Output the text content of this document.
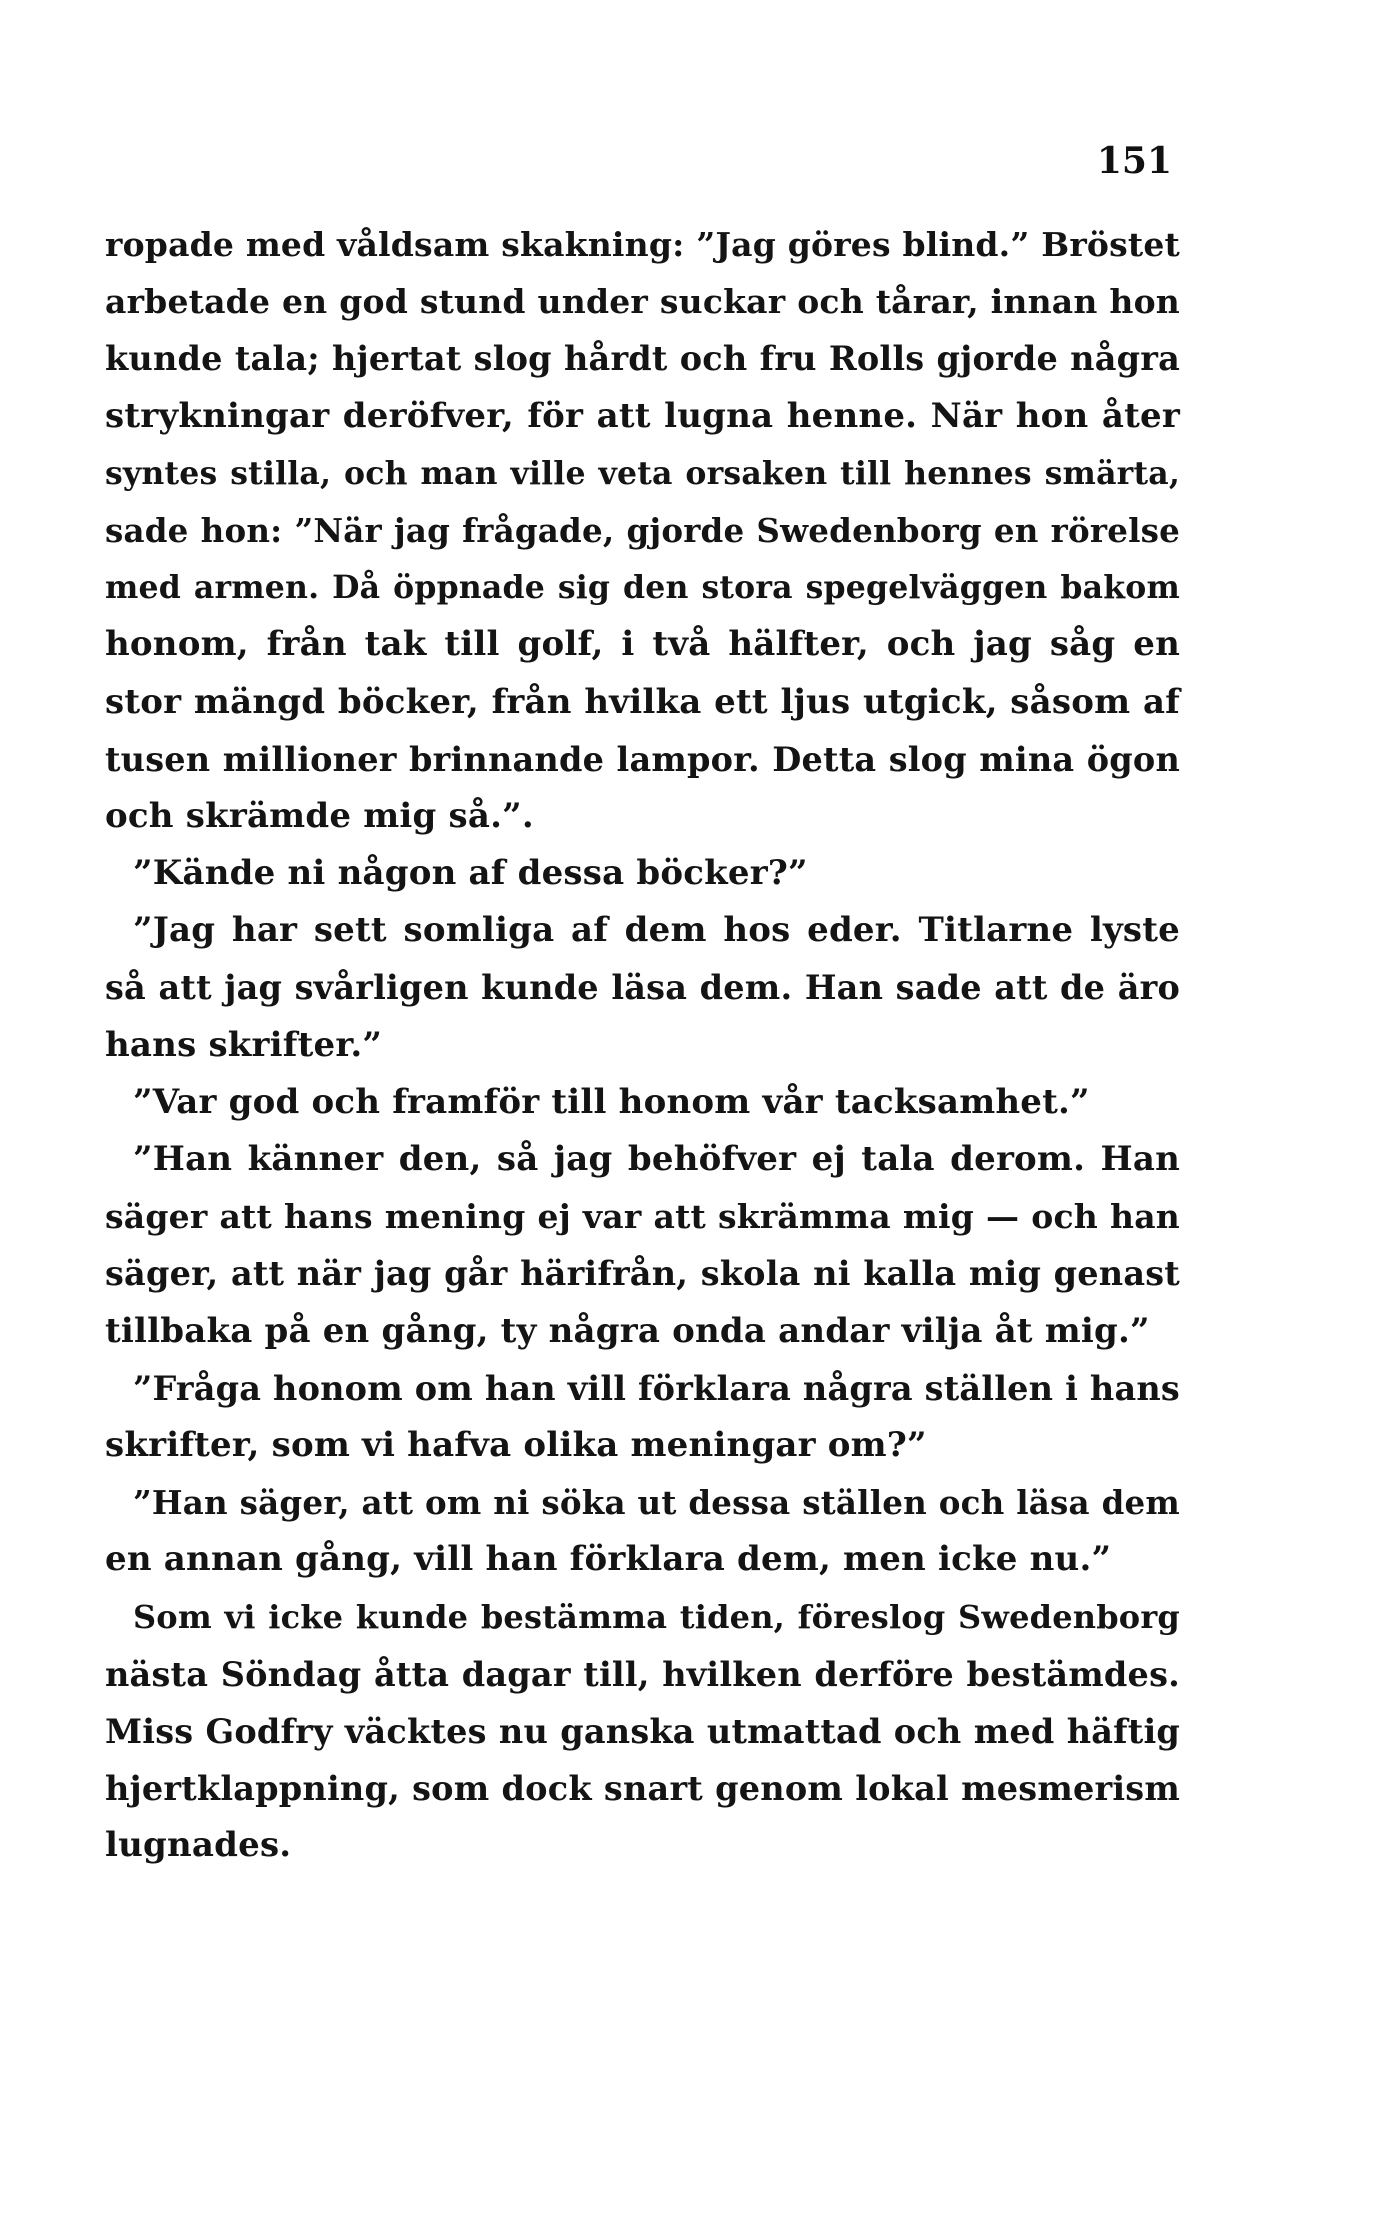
151
ropade med våldsam skakning: ”Jag göres blind.” Bröstet
arbetade en god stund under suckar och tårar, innan hon
kunde tala; hjertat slog hårdt och fru Rolls gjorde några
strykningar deröfver, för att lugna henne. När hon åter
syntes stilla, och man ville veta orsaken till hennes smärta,
sade hon: ”När jag frågade, gjorde Swedenborg en rörelse
med armen. Då öppnade sig den stora spegelväggen bakom
honom, från tak till golf, i två hälfter, och jag såg en
stor mängd böcker, från hvilka ett ljus utgick, såsom af
tusen millioner brinnande lampor. Detta slog mina ögon
och skrämde mig så.”.
”Kände ni någon af dessa böcker?”
”Jag har sett somliga af dem hos eder. Titlarne lyste
så att jag svårligen kunde läsa dem. Han sade att de äro
hans skrifter.”
”Var god och framför till honom vår tacksamhet.”
”Han känner den, så jag behöfver ej tala derom. Han
säger att hans mening ej var att skrämma mig — och han
säger, att när jag går härifrån, skola ni kalla mig genast
tillbaka på en gång, ty några onda andar vilja åt mig.”
”Fråga honom om han vill förklara några ställen i hans
skrifter, som vi hafva olika meningar om?”
”Han säger, att om ni söka ut dessa ställen och läsa dem
en annan gång, vill han förklara dem, men icke nu.”
Som vi icke kunde bestämma tiden, föreslog Swedenborg
nästa Söndag åtta dagar till, hvilken derföre bestämdes.
Miss Godfry väcktes nu ganska utmattad och med häftig
hjertklappning, som dock snart genom lokal mesmerism
lugnades.
